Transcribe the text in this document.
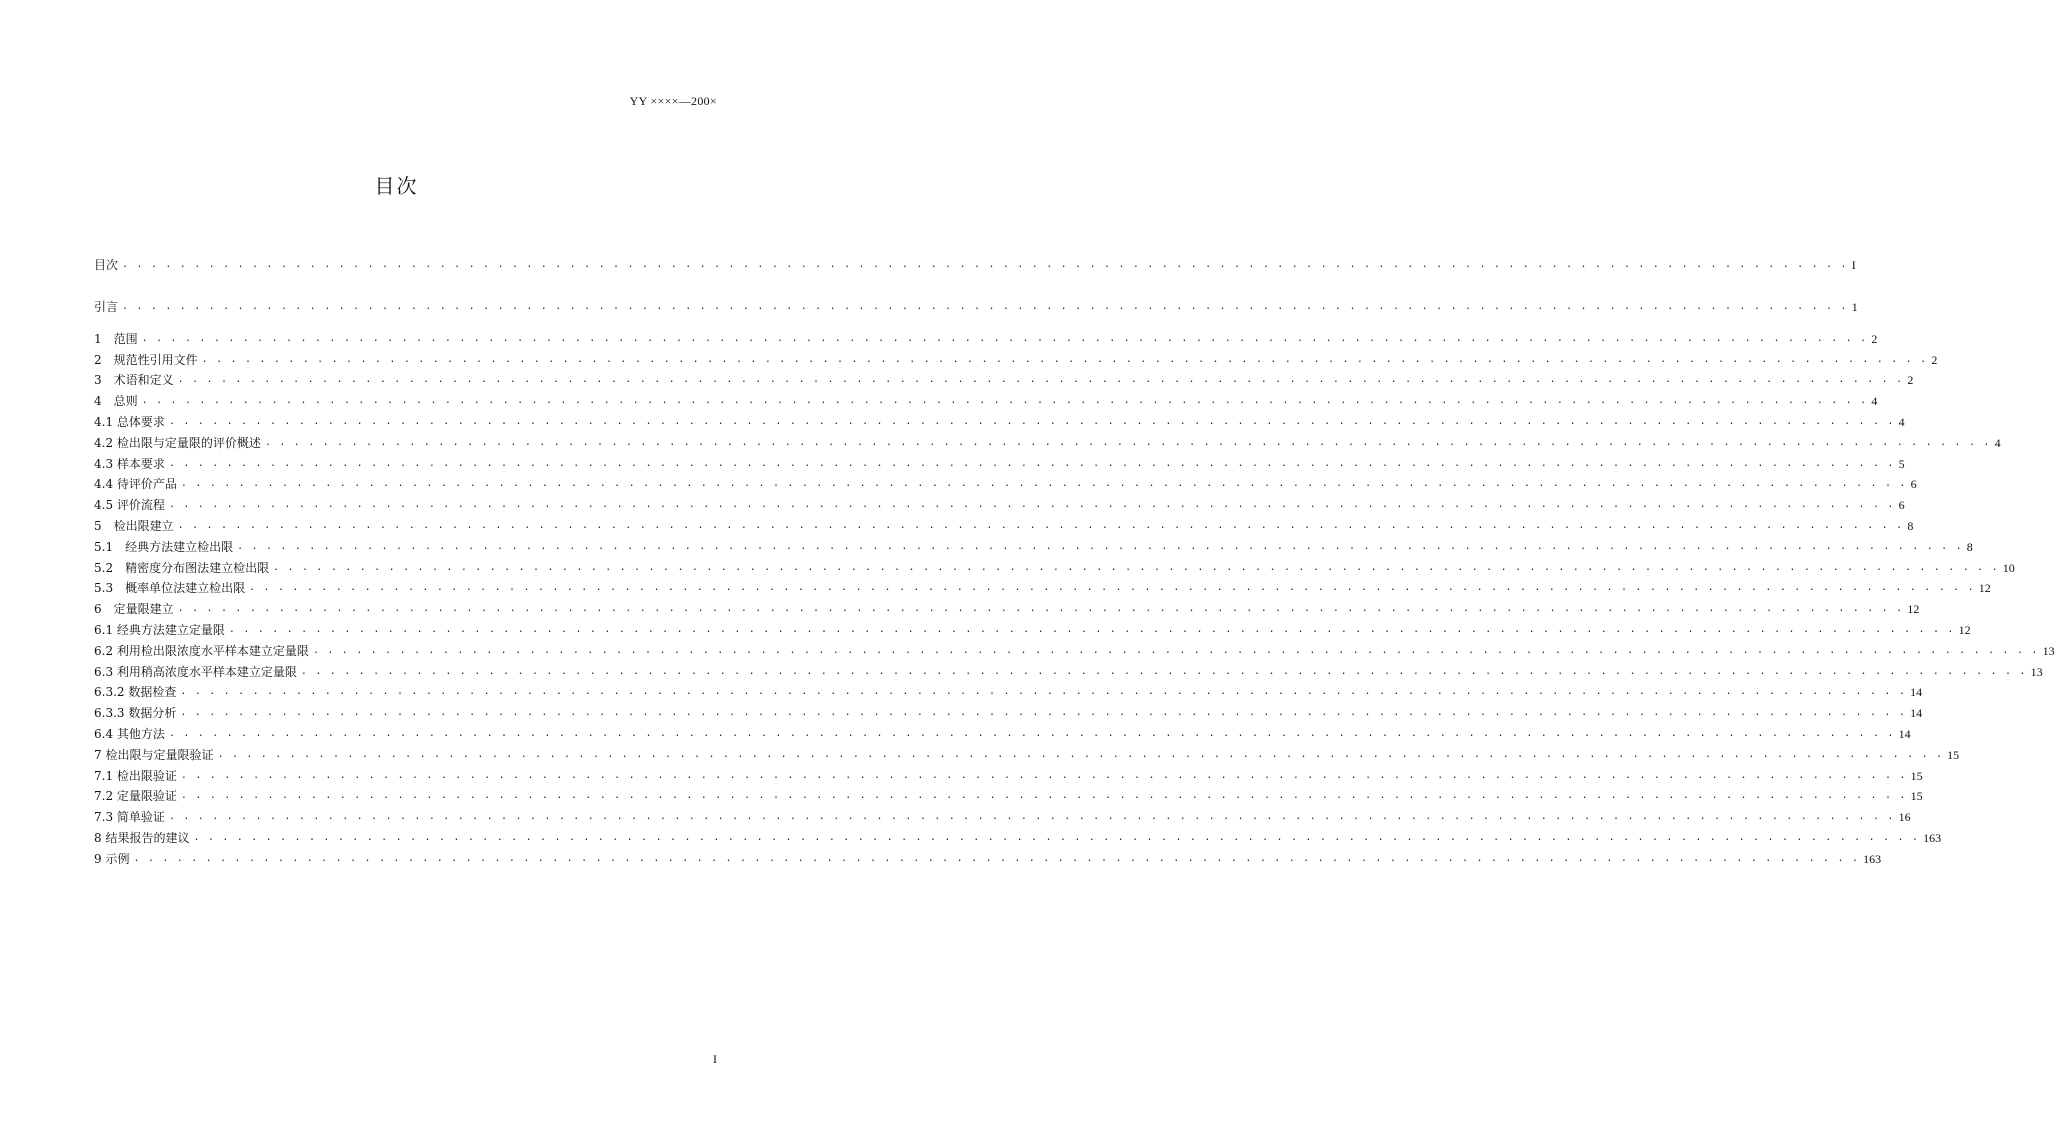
YY ××××—200×
目次
目次 . . . . . . . . . . . . . . . . . . . . . . . . . . . . . . . . . . . . . . . . . . . . . . . . . . . . . . . . . . . . . . . . . . . . . . . . . . . . . . . . . . . . . . . . . . . . . . . . . . . . . . . . . . . . . . . . . . . . . . . . I
引言 . . . . . . . . . . . . . . . . . . . . . . . . . . . . . . . . . . . . . . . . . . . . . . . . . . . . . . . . . . . . . . . . . . . . . . . . . . . . . . . . . . . . . . . . . . . . . . . . . . . . . . . . . . . . . . . . . . . . . . . . 1
1　范围 . . . . . . . . . . . . . . . . . . . . . . . . . . . . . . . . . . . . . . . . . . . . . . . . . . . . . . . . . . . . . . . . . . . . . . . . . . . . . . . . . . . . . . . . . . . . . . . . . . . . . . . . . . . . . . . . . . . . . . . . 2
2　规范性引用文件 . . . . . . . . . . . . . . . . . . . . . . . . . . . . . . . . . . . . . . . . . . . . . . . . . . . . . . . . . . . . . . . . . . . . . . . . . . . . . . . . . . . . . . . . . . . . . . . . . . . . . . . . . . . . . . . . . . . . . . . . 2
3　术语和定义 . . . . . . . . . . . . . . . . . . . . . . . . . . . . . . . . . . . . . . . . . . . . . . . . . . . . . . . . . . . . . . . . . . . . . . . . . . . . . . . . . . . . . . . . . . . . . . . . . . . . . . . . . . . . . . . . . . . . . . . . 2
4　总则 . . . . . . . . . . . . . . . . . . . . . . . . . . . . . . . . . . . . . . . . . . . . . . . . . . . . . . . . . . . . . . . . . . . . . . . . . . . . . . . . . . . . . . . . . . . . . . . . . . . . . . . . . . . . . . . . . . . . . . . . 4
4.1 总体要求 . . . . . . . . . . . . . . . . . . . . . . . . . . . . . . . . . . . . . . . . . . . . . . . . . . . . . . . . . . . . . . . . . . . . . . . . . . . . . . . . . . . . . . . . . . . . . . . . . . . . . . . . . . . . . . . . . . . . . . . . 4
4.2 检出限与定量限的评价概述 . . . . . . . . . . . . . . . . . . . . . . . . . . . . . . . . . . . . . . . . . . . . . . . . . . . . . . . . . . . . . . . . . . . . . . . . . . . . . . . . . . . . . . . . . . . . . . . . . . . . . . . . . . . . . . . . . . . . . . . . 4
4.3 样本要求 . . . . . . . . . . . . . . . . . . . . . . . . . . . . . . . . . . . . . . . . . . . . . . . . . . . . . . . . . . . . . . . . . . . . . . . . . . . . . . . . . . . . . . . . . . . . . . . . . . . . . . . . . . . . . . . . . . . . . . . . 5
4.4 待评价产品 . . . . . . . . . . . . . . . . . . . . . . . . . . . . . . . . . . . . . . . . . . . . . . . . . . . . . . . . . . . . . . . . . . . . . . . . . . . . . . . . . . . . . . . . . . . . . . . . . . . . . . . . . . . . . . . . . . . . . . . . 6
4.5 评价流程 . . . . . . . . . . . . . . . . . . . . . . . . . . . . . . . . . . . . . . . . . . . . . . . . . . . . . . . . . . . . . . . . . . . . . . . . . . . . . . . . . . . . . . . . . . . . . . . . . . . . . . . . . . . . . . . . . . . . . . . . 6
5　检出限建立 . . . . . . . . . . . . . . . . . . . . . . . . . . . . . . . . . . . . . . . . . . . . . . . . . . . . . . . . . . . . . . . . . . . . . . . . . . . . . . . . . . . . . . . . . . . . . . . . . . . . . . . . . . . . . . . . . . . . . . . . 8
5.1　经典方法建立检出限 . . . . . . . . . . . . . . . . . . . . . . . . . . . . . . . . . . . . . . . . . . . . . . . . . . . . . . . . . . . . . . . . . . . . . . . . . . . . . . . . . . . . . . . . . . . . . . . . . . . . . . . . . . . . . . . . . . . . . . . . 8
5.2　精密度分布图法建立检出限 . . . . . . . . . . . . . . . . . . . . . . . . . . . . . . . . . . . . . . . . . . . . . . . . . . . . . . . . . . . . . . . . . . . . . . . . . . . . . . . . . . . . . . . . . . . . . . . . . . . . . . . . . . . . . . . . . . . . . . . . 10
5.3　概率单位法建立检出限 . . . . . . . . . . . . . . . . . . . . . . . . . . . . . . . . . . . . . . . . . . . . . . . . . . . . . . . . . . . . . . . . . . . . . . . . . . . . . . . . . . . . . . . . . . . . . . . . . . . . . . . . . . . . . . . . . . . . . . . . 12
6　定量限建立 . . . . . . . . . . . . . . . . . . . . . . . . . . . . . . . . . . . . . . . . . . . . . . . . . . . . . . . . . . . . . . . . . . . . . . . . . . . . . . . . . . . . . . . . . . . . . . . . . . . . . . . . . . . . . . . . . . . . . . . . 12
6.1 经典方法建立定量限 . . . . . . . . . . . . . . . . . . . . . . . . . . . . . . . . . . . . . . . . . . . . . . . . . . . . . . . . . . . . . . . . . . . . . . . . . . . . . . . . . . . . . . . . . . . . . . . . . . . . . . . . . . . . . . . . . . . . . . . . 12
6.2 利用检出限浓度水平样本建立定量限 . . . . . . . . . . . . . . . . . . . . . . . . . . . . . . . . . . . . . . . . . . . . . . . . . . . . . . . . . . . . . . . . . . . . . . . . . . . . . . . . . . . . . . . . . . . . . . . . . . . . . . . . . . . . . . . . . . . . . . . . 13
6.3 利用稍高浓度水平样本建立定量限 . . . . . . . . . . . . . . . . . . . . . . . . . . . . . . . . . . . . . . . . . . . . . . . . . . . . . . . . . . . . . . . . . . . . . . . . . . . . . . . . . . . . . . . . . . . . . . . . . . . . . . . . . . . . . . . . . . . . . . . . 13
6.3.2 数据检查 . . . . . . . . . . . . . . . . . . . . . . . . . . . . . . . . . . . . . . . . . . . . . . . . . . . . . . . . . . . . . . . . . . . . . . . . . . . . . . . . . . . . . . . . . . . . . . . . . . . . . . . . . . . . . . . . . . . . . . . . 14
6.3.3 数据分析 . . . . . . . . . . . . . . . . . . . . . . . . . . . . . . . . . . . . . . . . . . . . . . . . . . . . . . . . . . . . . . . . . . . . . . . . . . . . . . . . . . . . . . . . . . . . . . . . . . . . . . . . . . . . . . . . . . . . . . . . 14
6.4 其他方法 . . . . . . . . . . . . . . . . . . . . . . . . . . . . . . . . . . . . . . . . . . . . . . . . . . . . . . . . . . . . . . . . . . . . . . . . . . . . . . . . . . . . . . . . . . . . . . . . . . . . . . . . . . . . . . . . . . . . . . . . 14
7 检出限与定量限验证 . . . . . . . . . . . . . . . . . . . . . . . . . . . . . . . . . . . . . . . . . . . . . . . . . . . . . . . . . . . . . . . . . . . . . . . . . . . . . . . . . . . . . . . . . . . . . . . . . . . . . . . . . . . . . . . . . . . . . . . . 15
7.1 检出限验证 . . . . . . . . . . . . . . . . . . . . . . . . . . . . . . . . . . . . . . . . . . . . . . . . . . . . . . . . . . . . . . . . . . . . . . . . . . . . . . . . . . . . . . . . . . . . . . . . . . . . . . . . . . . . . . . . . . . . . . . . 15
7.2 定量限验证 . . . . . . . . . . . . . . . . . . . . . . . . . . . . . . . . . . . . . . . . . . . . . . . . . . . . . . . . . . . . . . . . . . . . . . . . . . . . . . . . . . . . . . . . . . . . . . . . . . . . . . . . . . . . . . . . . . . . . . . . 15
7.3 简单验证 . . . . . . . . . . . . . . . . . . . . . . . . . . . . . . . . . . . . . . . . . . . . . . . . . . . . . . . . . . . . . . . . . . . . . . . . . . . . . . . . . . . . . . . . . . . . . . . . . . . . . . . . . . . . . . . . . . . . . . . . 16
8 结果报告的建议 . . . . . . . . . . . . . . . . . . . . . . . . . . . . . . . . . . . . . . . . . . . . . . . . . . . . . . . . . . . . . . . . . . . . . . . . . . . . . . . . . . . . . . . . . . . . . . . . . . . . . . . . . . . . . . . . . . . . . . . . 163
9 示例 . . . . . . . . . . . . . . . . . . . . . . . . . . . . . . . . . . . . . . . . . . . . . . . . . . . . . . . . . . . . . . . . . . . . . . . . . . . . . . . . . . . . . . . . . . . . . . . . . . . . . . . . . . . . . . . . . . . . . . . . 163
I
